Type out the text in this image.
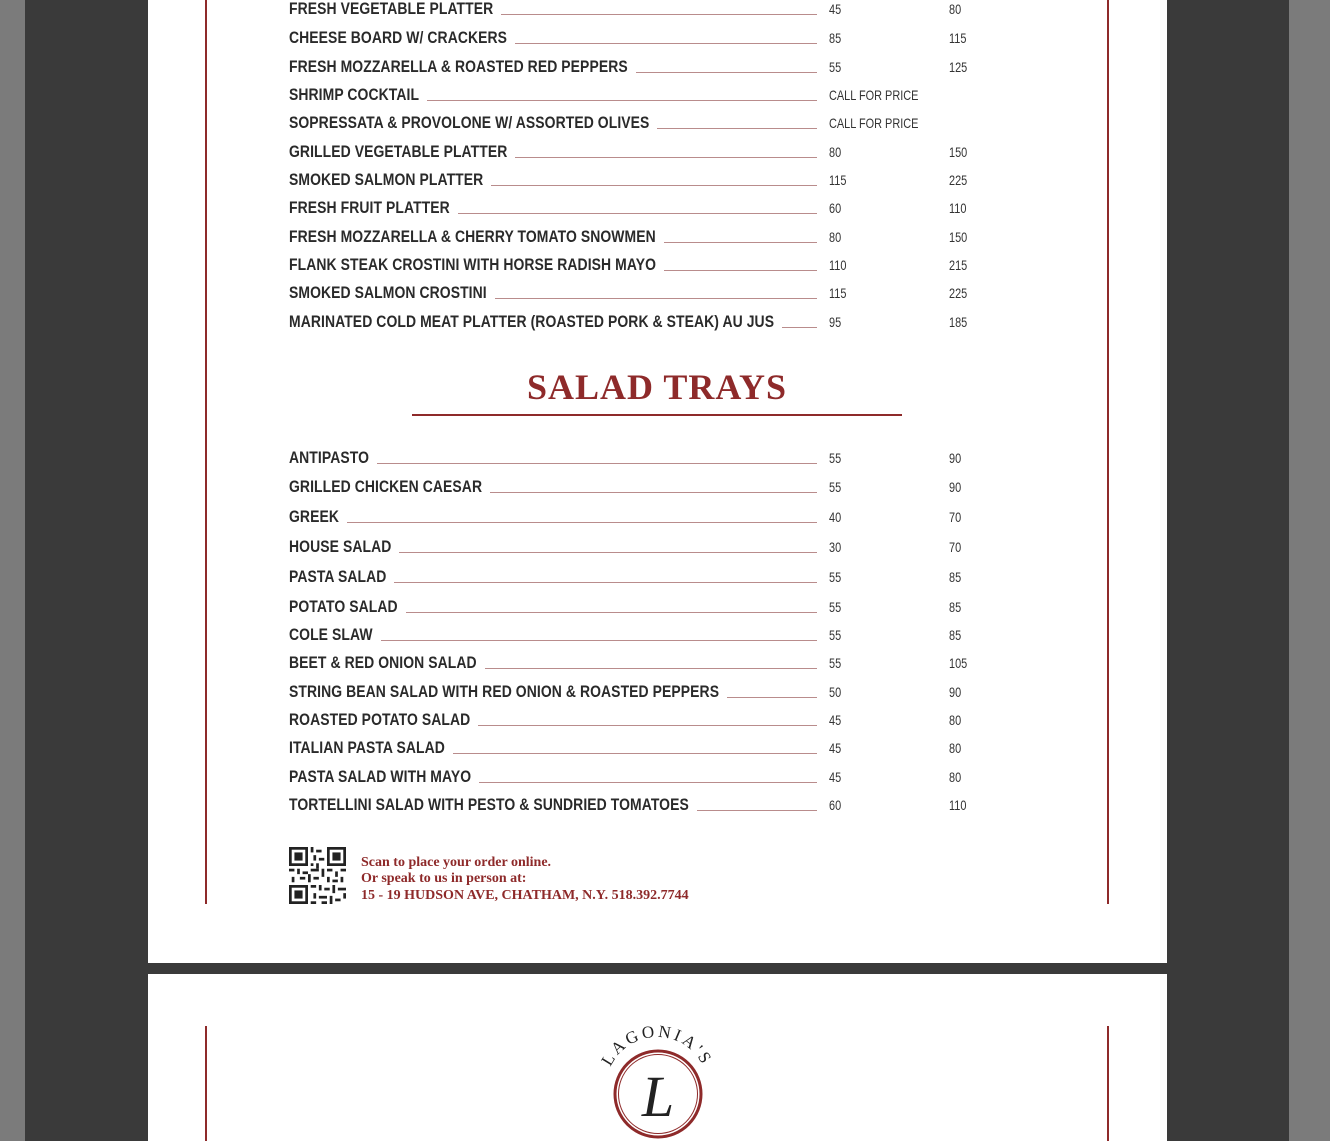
FRESH VEGETABLE PLATTER	45	80
CHEESE BOARD W/ CRACKERS	85	115
FRESH MOZZARELLA & ROASTED RED PEPPERS	55	125
SHRIMP COCKTAIL	CALL FOR PRICE
SOPRESSATA & PROVOLONE W/ ASSORTED OLIVES	CALL FOR PRICE
GRILLED VEGETABLE PLATTER	80	150
SMOKED SALMON PLATTER	115	225
FRESH FRUIT PLATTER	60	110
FRESH MOZZARELLA & CHERRY TOMATO SNOWMEN	80	150
FLANK STEAK CROSTINI WITH HORSE RADISH MAYO	110	215
SMOKED SALMON CROSTINI	115	225
MARINATED COLD MEAT PLATTER (ROASTED PORK & STEAK) AU JUS	95	185
SALAD TRAYS
ANTIPASTO	55	90
GRILLED CHICKEN CAESAR	55	90
GREEK	40	70
HOUSE SALAD	30	70
PASTA SALAD	55	85
POTATO SALAD	55	85
COLE SLAW	55	85
BEET & RED ONION SALAD	55	105
STRING BEAN SALAD WITH RED ONION & ROASTED PEPPERS	50	90
ROASTED POTATO SALAD	45	80
ITALIAN PASTA SALAD	45	80
PASTA SALAD WITH MAYO	45	80
TORTELLINI SALAD WITH PESTO & SUNDRIED TOMATOES	60	110
Scan to place your order online.
Or speak to us in person at:
15 - 19 HUDSON AVE, CHATHAM, N.Y. 518.392.7744
LAGONIA'S
L
